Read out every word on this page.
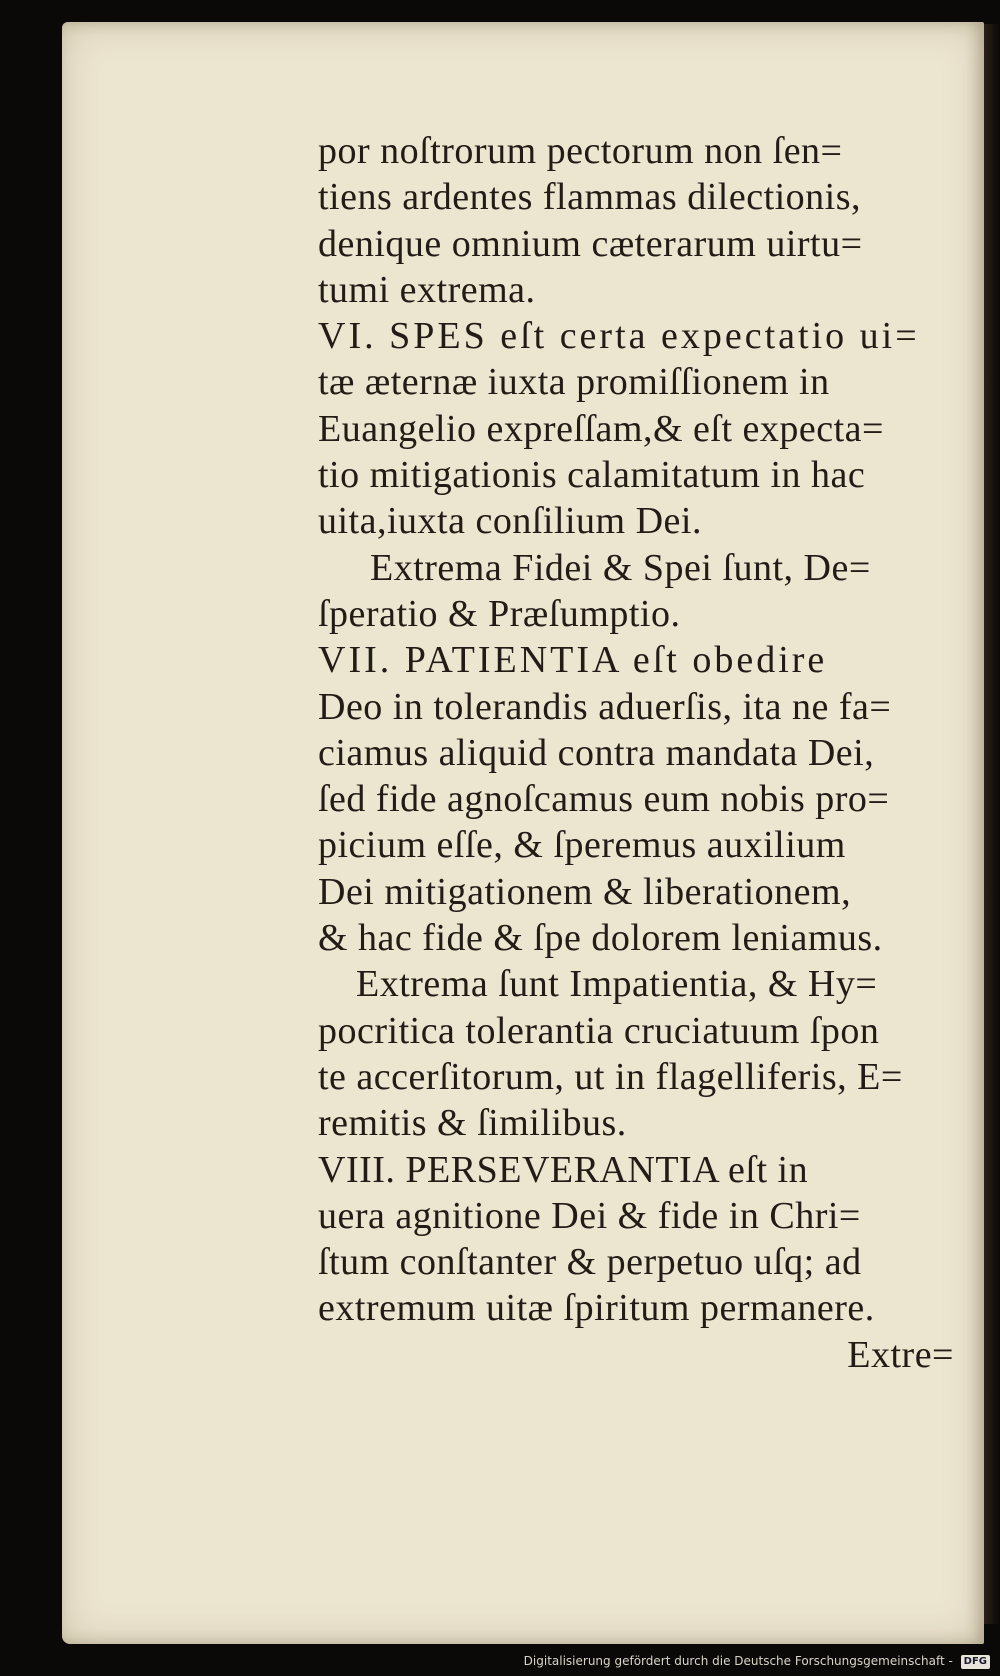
por noſtrorum pectorum non ſen=
tiens ardentes flammas dilectionis,
denique omnium cæterarum uirtu=
tumi extrema.
VI. SPES eſt certa expectatio ui=
tæ æternæ iuxta promiſſionem in
Euangelio expreſſam,& eſt expecta=
tio mitigationis calamitatum in hac
uita,iuxta conſilium Dei.
Extrema Fidei & Spei ſunt, De=
ſperatio & Præſumptio.
VII. PATIENTIA eſt obedire
Deo in tolerandis aduerſis, ita ne fa=
ciamus aliquid contra mandata Dei,
ſed fide agnoſcamus eum nobis pro=
picium eſſe, & ſperemus auxilium
Dei mitigationem & liberationem,
& hac fide & ſpe dolorem leniamus.
Extrema ſunt Impatientia, & Hy=
pocritica tolerantia cruciatuum ſpon
te accerſitorum, ut in flagelliferis, E=
remitis & ſimilibus.
VIII. PERSEVERANTIA eſt in
uera agnitione Dei & fide in Chri=
ſtum conſtanter & perpetuo uſq; ad
extremum uitæ ſpiritum permanere.
Extre=
Digitalisierung gefördert durch die Deutsche Forschungsgemeinschaft - DFG
